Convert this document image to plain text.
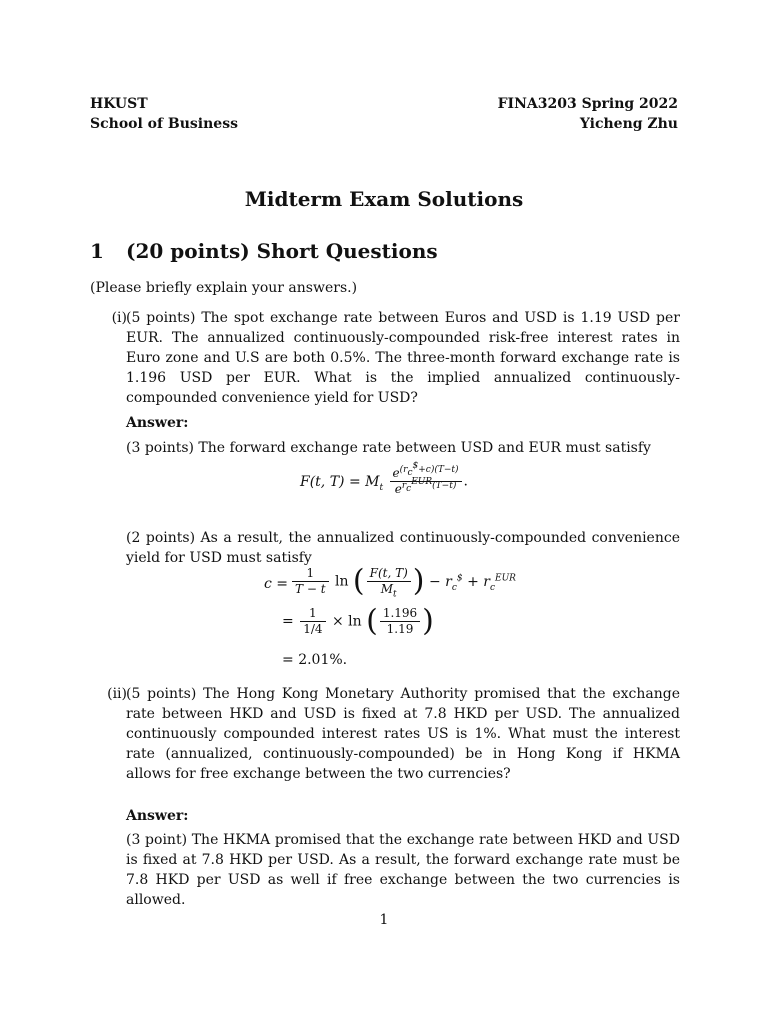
HKUST
School of Business
FINA3203 Spring 2022
Yicheng Zhu
Midterm Exam Solutions
1 (20 points) Short Questions
(Please briefly explain your answers.)
(i) (5 points) The spot exchange rate between Euros and USD is 1.19 USD per EUR. The annualized continuously-compounded risk-free interest rates in Euro zone and U.S are both 0.5%. The three-month forward exchange rate is 1.196 USD per EUR. What is the implied annualized continuously-compounded convenience yield for USD?
Answer:
(3 points) The forward exchange rate between USD and EUR must satisfy
F(t, $T) = M_t \frac{e^{(r_c^{\$}+c)(T-t)}}{e^{r_c^{EUR}(T-t)}}$ .
(2 points) As a result, the annualized continuously-compounded convenience yield for USD must satisfy
$c = \frac{1}{T - t}$ ln ( $\frac{F(t, T)}{M_t}$ ) − $r_c^{\$} + r_c^{EUR}$
= $\frac{1}{1/4} \times \ln$ ( $\frac{1.196}{1.19}$ )
= 2.01%.
(ii) (5 points) The Hong Kong Monetary Authority promised that the exchange rate between HKD and USD is fixed at 7.8 HKD per USD. The annualized continuously compounded interest rates US is 1%. What must the interest rate (annualized, continuously-compounded) be in Hong Kong if HKMA allows for free exchange between the two currencies?
Answer:
(3 point) The HKMA promised that the exchange rate between HKD and USD is fixed at 7.8 HKD per USD. As a result, the forward exchange rate must be 7.8 HKD per USD as well if free exchange between the two currencies is allowed.
1
